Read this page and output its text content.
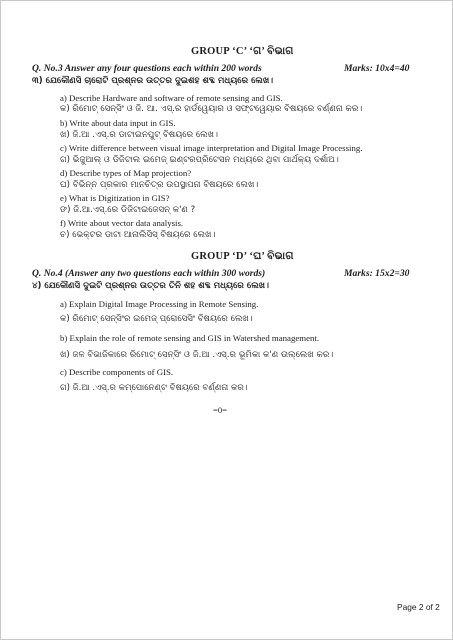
GROUP ‘C’ ‘ଗ’ ବିଭାଗ
Q. No.3 Answer any four questions each within 200 words	Marks: 10x4=40
୩) ଯେକୌଣସି ଚାରୋଟି ପ୍ରଶ୍ନର ଉତ୍ତର ଦୁଇଶହ ଶବ୍ଦ ମଧ୍ୟରେ ଲେଖ।
a) Describe Hardware and software of remote sensing and GIS.
କ) ରିମୋଟ୍ ସେନ୍ସିଂ ଓ ଜି. ଆ. ଏସ୍.ର ହାର୍ଡୱେୟାର ଓ ସଫ୍ଟୱେୟାର ବିଷୟରେ ବର୍ଣ୍ଣନା କର।
b) Write about data input in GIS.
ଖ) ଜି.ଆ .ଏସ୍.ର ଡାଟାଇନପୁଟ୍ ବିଷୟରେ ଲେଖ।
c) Write difference between visual image interpretation and Digital Image Processing.
ଗ) ଭିଜୁଆଲ୍ ଓ ଡିଜିଟାଲ ଇମେଜ୍ ଇଣ୍ଟରପ୍ରିଟେସନ ମଧ୍ୟରେ ଥିବା ପାର୍ଥକ୍ୟ ଦର୍ଶାଅ।
d) Describe types of Map projection?
ଘ) ବିଭିନ୍ନ ପ୍ରକାର ମାନଚିତ୍ର ଉପସ୍ଥାପନା ବିଷୟରେ ଲେଖ।
e) What is Digitization in GIS?
ଙ) ଜି.ଆ.ଏସ୍.ରେ ଡିଜିଟାଇଜେସନ୍ କ'ଣ ?
f) Write about vector data analysis.
ଚ) ଭେକ୍ଟର ଡାଟା ଆନାଲିସିସ୍ ବିଷୟରେ ଲେଖ।
GROUP ‘D’ ‘ଘ’ ବିଭାଗ
Q. No.4 (Answer any two questions each within 300 words)	Marks: 15x2=30
୪) ଯେକୌଣସି ଦୁଇଟି ପ୍ରଶ୍ନର ଉତ୍ତର ତିନି ଶହ ଶବ୍ଦ ମଧ୍ୟରେ ଲେଖ।
a) Explain Digital Image Processing in Remote Sensing.
କ) ରିମୋଟ୍ ସେନ୍ସିଂର ଇମେଜ୍ ପ୍ରୋସେସିଂ ବିଷୟରେ ଲେଖ।
b) Explain the role of remote sensing and GIS in Watershed management.
ଖ) ଜଳ ବିଭାଜିକାରେ ରିମୋଟ୍ ସେନ୍ସିଂ ଓ ଜି.ଆ .ଏସ୍.ର ଭୂମିକା କ'ଣ ଉଲ୍ଲେଖ କର।
c) Describe components of GIS.
ଗ) ଜି.ଆ .ଏସ୍.ର କମ୍ପୋନେଣ୍ଟ ବିଷୟରେ ବର୍ଣ୍ଣନା କର।
=0=
Page 2 of 2
